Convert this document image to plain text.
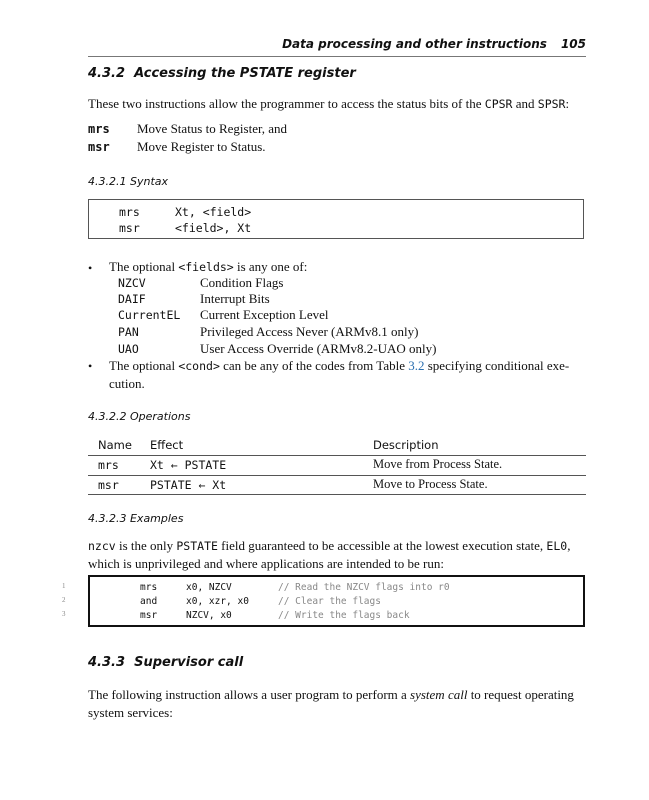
Data processing and other instructions 105
4.3.2 Accessing the PSTATE register
These two instructions allow the programmer to access the status bits of the CPSR and SPSR:
mrs Move Status to Register, and
msr Move Register to Status.
4.3.2.1 Syntax
mrs	Xt, <field>
msr	<field>, Xt
• The optional <fields> is any one of:
NZCV	Condition Flags
DAIF	Interrupt Bits
CurrentEL Current Exception Level
PAN	Privileged Access Never (ARMv8.1 only)
UAO	User Access Override (ARMv8.2-UAO only)
• The optional <cond> can be any of the codes from Table 3.2 specifying conditional exe-
cution.
4.3.2.2 Operations
Name Effect	Description
mrs	Xt ← PSTATE	Move from Process State.
msr	PSTATE ← Xt	Move to Process State.
4.3.2.3 Examples
nzcv is the only PSTATE field guaranteed to be accessible at the lowest execution state, EL0,
which is unprivileged and where applications are intended to be run:
1
2
3
mrs	x0, NZCV	// Read the NZCV flags into r0
and	x0, xzr, x0	// Clear the flags
msr	NZCV, x0	// Write the flags back
4.3.3 Supervisor call
The following instruction allows a user program to perform a system call to request operating
system services:
